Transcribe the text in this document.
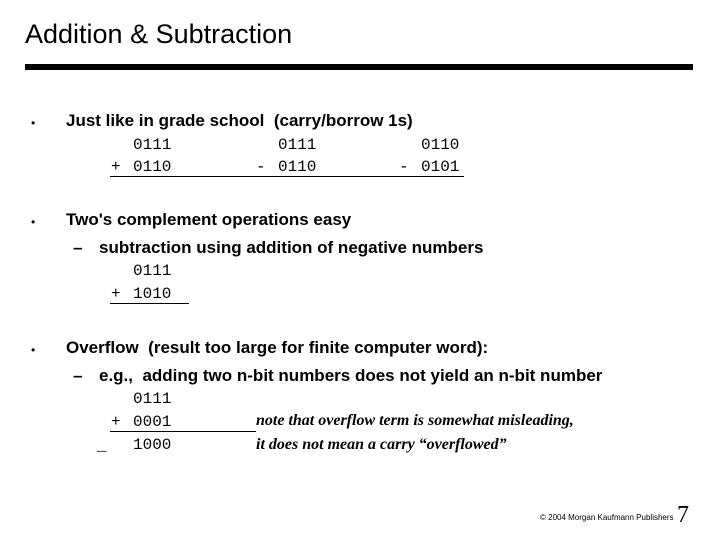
Addition & Subtraction
• Just like in grade school  (carry/borrow 1s)
0111
+ 0110
0111
- 0110
0110
- 0101
• Two's complement operations easy
– subtraction using addition of negative numbers
0111
+ 1010
• Overflow  (result too large for finite computer word):
– e.g.,  adding two n-bit numbers does not yield an n-bit number
0111
+ 0001
_ 1000
note that overflow term is somewhat misleading,
it does not mean a carry “overflowed”
© 2004 Morgan Kaufmann Publishers 7
